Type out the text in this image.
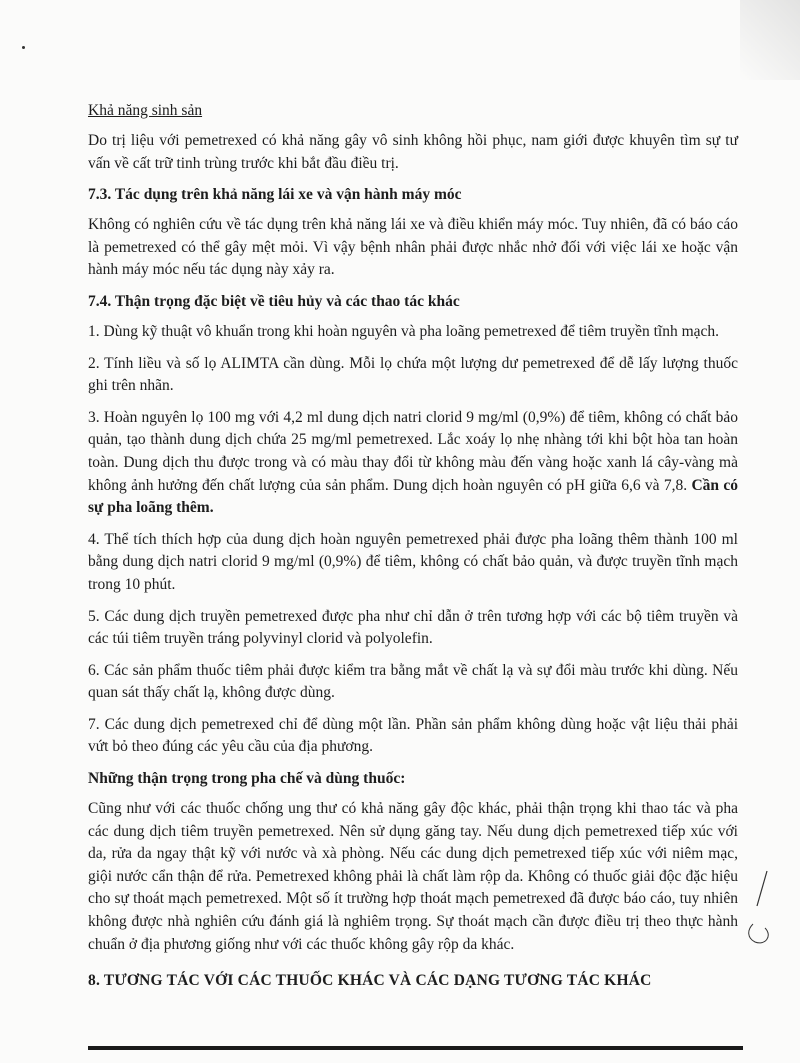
Khả năng sinh sản

Do trị liệu với pemetrexed có khả năng gây vô sinh không hồi phục, nam giới được khuyên tìm sự tư vấn về cất trữ tinh trùng trước khi bắt đầu điều trị.

7.3. Tác dụng trên khả năng lái xe và vận hành máy móc

Không có nghiên cứu về tác dụng trên khả năng lái xe và điều khiển máy móc. Tuy nhiên, đã có báo cáo là pemetrexed có thể gây mệt mỏi. Vì vậy bệnh nhân phải được nhắc nhở đối với việc lái xe hoặc vận hành máy móc nếu tác dụng này xảy ra.

7.4. Thận trọng đặc biệt về tiêu hủy và các thao tác khác

1. Dùng kỹ thuật vô khuẩn trong khi hoàn nguyên và pha loãng pemetrexed để tiêm truyền tĩnh mạch.

2. Tính liều và số lọ ALIMTA cần dùng. Mỗi lọ chứa một lượng dư pemetrexed để dễ lấy lượng thuốc ghi trên nhãn.

3. Hoàn nguyên lọ 100 mg với 4,2 ml dung dịch natri clorid 9 mg/ml (0,9%) để tiêm, không có chất bảo quản, tạo thành dung dịch chứa 25 mg/ml pemetrexed. Lắc xoáy lọ nhẹ nhàng tới khi bột hòa tan hoàn toàn. Dung dịch thu được trong và có màu thay đổi từ không màu đến vàng hoặc xanh lá cây-vàng mà không ảnh hưởng đến chất lượng của sản phẩm. Dung dịch hoàn nguyên có pH giữa 6,6 và 7,8. Cần có sự pha loãng thêm.

4. Thể tích thích hợp của dung dịch hoàn nguyên pemetrexed phải được pha loãng thêm thành 100 ml bằng dung dịch natri clorid 9 mg/ml (0,9%) để tiêm, không có chất bảo quản, và được truyền tĩnh mạch trong 10 phút.

5. Các dung dịch truyền pemetrexed được pha như chỉ dẫn ở trên tương hợp với các bộ tiêm truyền và các túi tiêm truyền tráng polyvinyl clorid và polyolefin.

6. Các sản phẩm thuốc tiêm phải được kiểm tra bằng mắt về chất lạ và sự đổi màu trước khi dùng. Nếu quan sát thấy chất lạ, không được dùng.

7. Các dung dịch pemetrexed chỉ để dùng một lần. Phần sản phẩm không dùng hoặc vật liệu thải phải vứt bỏ theo đúng các yêu cầu của địa phương.

Những thận trọng trong pha chế và dùng thuốc:

Cũng như với các thuốc chống ung thư có khả năng gây độc khác, phải thận trọng khi thao tác và pha các dung dịch tiêm truyền pemetrexed. Nên sử dụng găng tay. Nếu dung dịch pemetrexed tiếp xúc với da, rửa da ngay thật kỹ với nước và xà phòng. Nếu các dung dịch pemetrexed tiếp xúc với niêm mạc, giội nước cẩn thận để rửa. Pemetrexed không phải là chất làm rộp da. Không có thuốc giải độc đặc hiệu cho sự thoát mạch pemetrexed. Một số ít trường hợp thoát mạch pemetrexed đã được báo cáo, tuy nhiên không được nhà nghiên cứu đánh giá là nghiêm trọng. Sự thoát mạch cần được điều trị theo thực hành chuẩn ở địa phương giống như với các thuốc không gây rộp da khác.

8. TƯƠNG TÁC VỚI CÁC THUỐC KHÁC VÀ CÁC DẠNG TƯƠNG TÁC KHÁC
